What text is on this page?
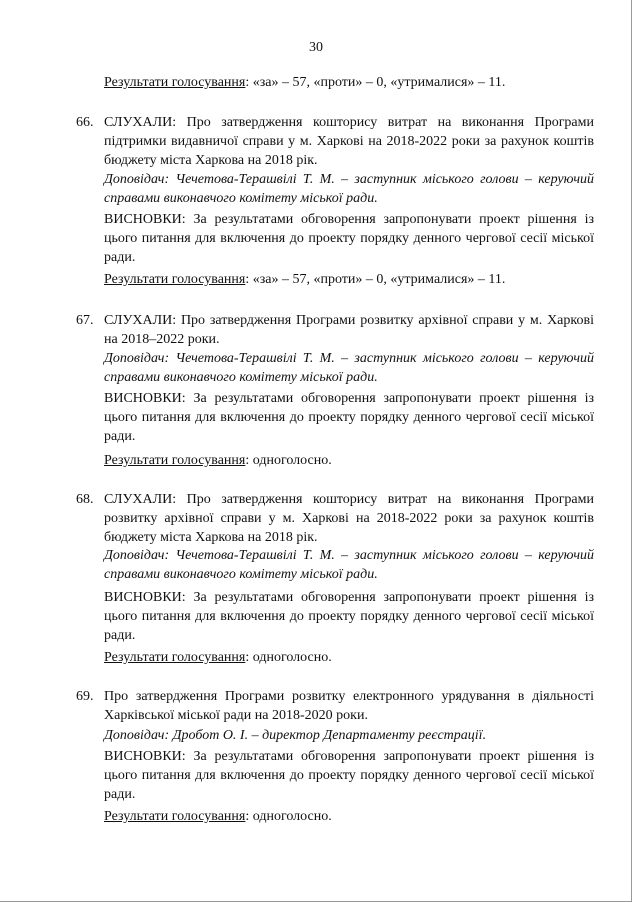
30
Результати голосування: «за» – 57, «проти» – 0, «утрималися» – 11.
66. СЛУХАЛИ: Про затвердження кошторису витрат на виконання Програми підтримки видавничої справи у м. Харкові на 2018-2022 роки за рахунок коштів бюджету міста Харкова на 2018 рік.
Доповідач: Чечетова-Терашвілі Т. М. – заступник міського голови – керуючий справами виконавчого комітету міської ради.
ВИСНОВКИ: За результатами обговорення запропонувати проект рішення із цього питання для включення до проекту порядку денного чергової сесії міської ради.
Результати голосування: «за» – 57, «проти» – 0, «утрималися» – 11.
67. СЛУХАЛИ: Про затвердження Програми розвитку архівної справи у м. Харкові на 2018–2022 роки.
Доповідач: Чечетова-Терашвілі Т. М. – заступник міського голови – керуючий справами виконавчого комітету міської ради.
ВИСНОВКИ: За результатами обговорення запропонувати проект рішення із цього питання для включення до проекту порядку денного чергової сесії міської ради.
Результати голосування: одноголосно.
68. СЛУХАЛИ: Про затвердження кошторису витрат на виконання Програми розвитку архівної справи у м. Харкові на 2018-2022 роки за рахунок коштів бюджету міста Харкова на 2018 рік.
Доповідач: Чечетова-Терашвілі Т. М. – заступник міського голови – керуючий справами виконавчого комітету міської ради.
ВИСНОВКИ: За результатами обговорення запропонувати проект рішення із цього питання для включення до проекту порядку денного чергової сесії міської ради.
Результати голосування: одноголосно.
69. Про затвердження Програми розвитку електронного урядування в діяльності Харківської міської ради на 2018-2020 роки.
Доповідач: Дробот О. І. – директор Департаменту реєстрації.
ВИСНОВКИ: За результатами обговорення запропонувати проект рішення із цього питання для включення до проекту порядку денного чергової сесії міської ради.
Результати голосування: одноголосно.
